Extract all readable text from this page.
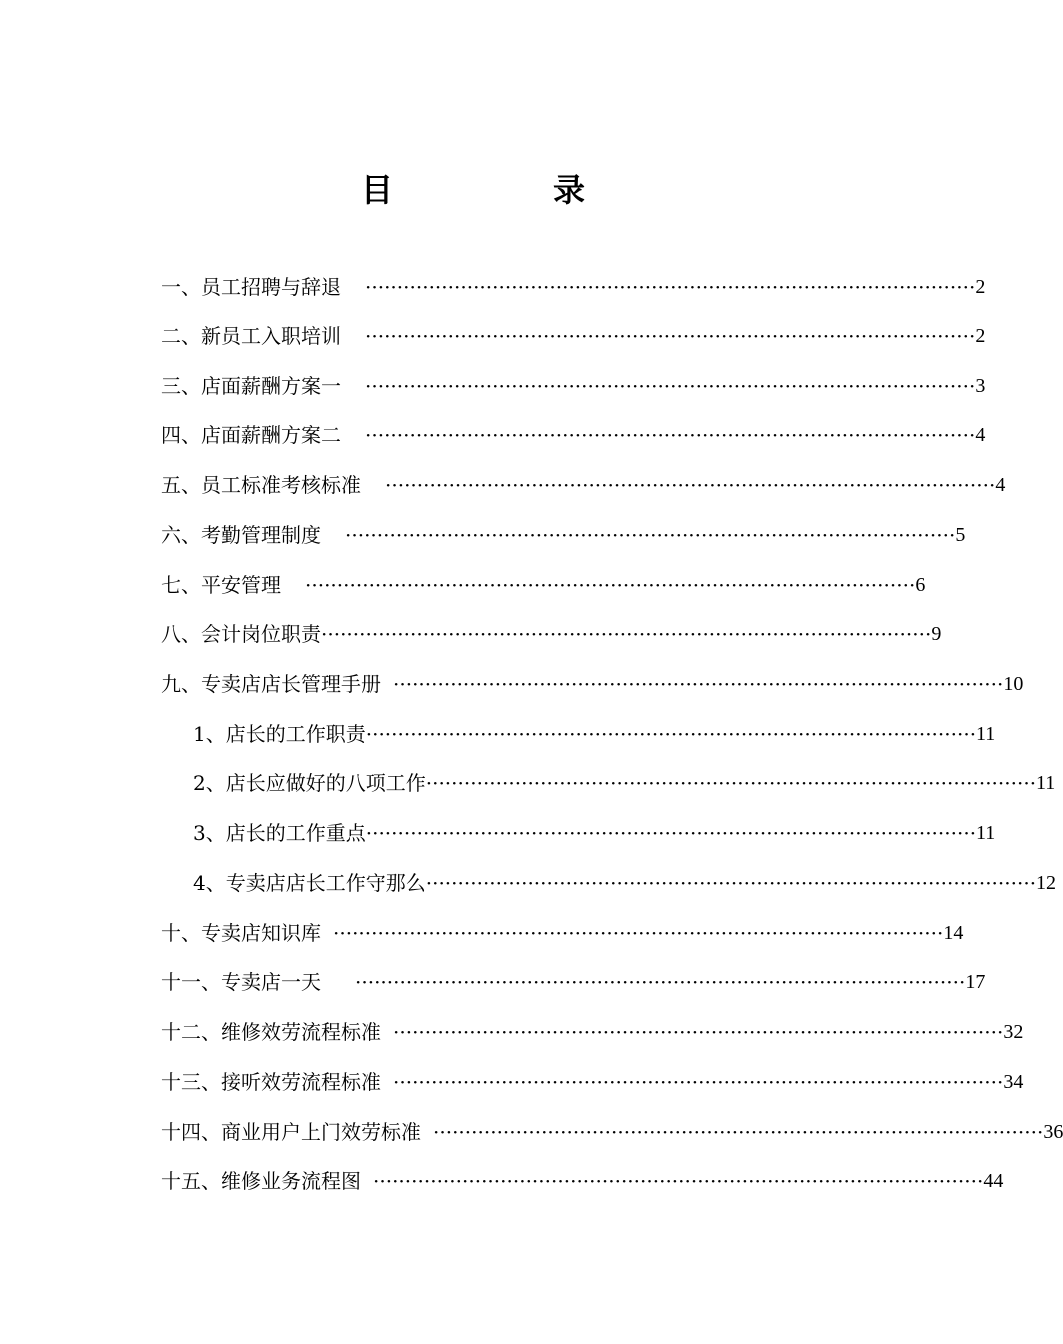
目	录
一、员工招聘与辞退 ································································································ 2
二、新员工入职培训 ································································································ 2
三、店面薪酬方案一 ································································································ 3
四、店面薪酬方案二 ································································································ 4
五、员工标准考核标准 ································································································ 4
六、考勤管理制度 ································································································ 5
七、平安管理 ································································································ 6
八、会计岗位职责 ································································································ 9
九、专卖店店长管理手册 ································································································ 10
1、店长的工作职责 ································································································ 11
2、店长应做好的八项工作 ································································································ 11
3、店长的工作重点 ································································································ 11
4、专卖店店长工作守那么 ································································································ 12
十、专卖店知识库 ································································································ 14
十一、专卖店一天 ································································································ 17
十二、维修效劳流程标准 ································································································ 32
十三、接听效劳流程标准 ································································································ 34
十四、商业用户上门效劳标准 ································································································ 36
十五、维修业务流程图 ································································································ 44
